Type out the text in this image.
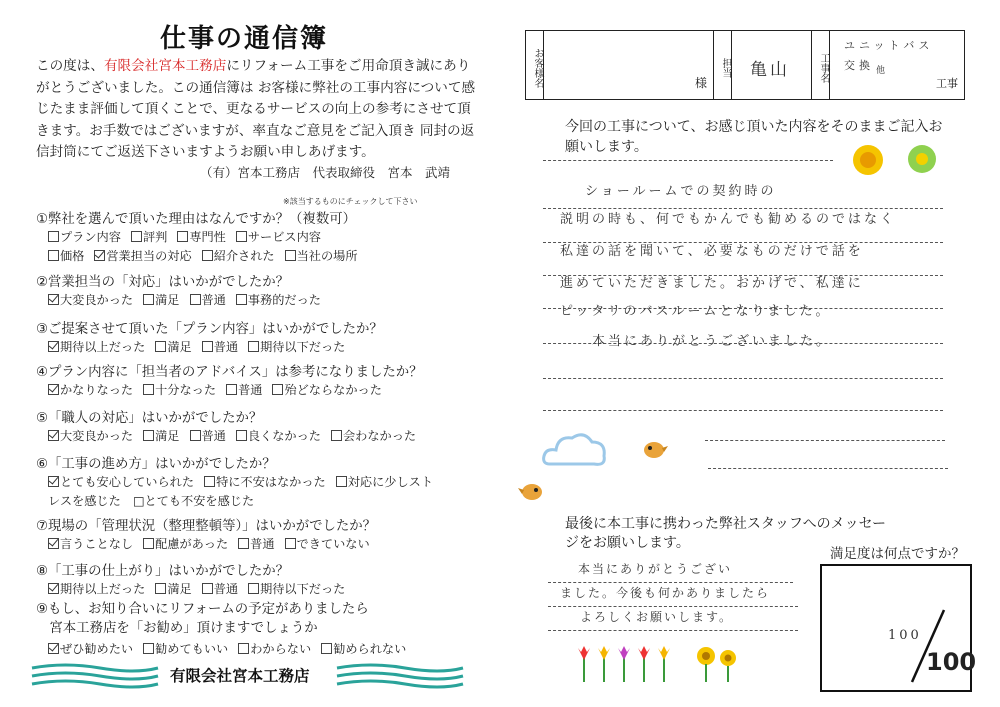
仕事の通信簿
この度は、有限会社宮本工務店にリフォーム工事をご用命頂き誠にありがとうございました。この通信簿は お客様に弊社の工事内容について感じたまま評価して頂くことで、更なるサービスの向上の参考にさせて頂きます。お手数ではございますが、率直なご意見をご記入頂き 同封の返信封筒にてご返送下さいますようお願い申しあげます。
（有）宮本工務店　代表取締役　宮本　武靖
※該当するものにチェックして下さい
①弊社を選んで頂いた理由はなんですか？（複数可）
プラン内容 評判 専門性 サービス内容
価格 営業担当の対応 紹介された 当社の場所
②営業担当の「対応」はいかがでしたか？
大変良かった 満足 普通 事務的だった
③ご提案させて頂いた「プラン内容」はいかがでしたか？
期待以上だった 満足 普通 期待以下だった
④プラン内容に「担当者のアドバイス」は参考になりましたか？
かなりなった 十分なった 普通 殆どならなかった
⑤「職人の対応」はいかがでしたか？
大変良かった 満足 普通 良くなかった 会わなかった
⑥「工事の進め方」はいかがでしたか？
とても安心していられた 特に不安はなかった 対応に少しスト
レスを感じた　□とても不安を感じた
⑦現場の「管理状況（整理整頓等）」はいかがでしたか？
言うことなし 配慮があった 普通 できていない
⑧「工事の仕上がり」はいかがでしたか？
期待以上だった 満足 普通 期待以下だった
⑨もし、お知り合いにリフォームの予定がありましたら
　宮本工務店を「お勧め」頂けますでしょうか
ぜひ勧めたい 勧めてもいい わからない 勧められない
有限会社宮本工務店
お客様名	様
担当 亀山	工事名
ユニットバス
交換 他
工事
今回の工事について、お感じ頂いた内容をそのままご記入お願いします。
ショールームでの契約時の
説明の時も、何でもかんでも勧めるのではなく
私達の話を聞いて、必要なものだけで話を
進めていただきました。おかげで、私達に
ピッタリのバスルームとなりました。
本当にありがとうございました。
最後に本工事に携わった弊社スタッフへのメッセージをお願いします。
満足度は何点ですか？
本当にありがとうござい
ました。今後も何かありましたら
よろしくお願いします。
100
100
